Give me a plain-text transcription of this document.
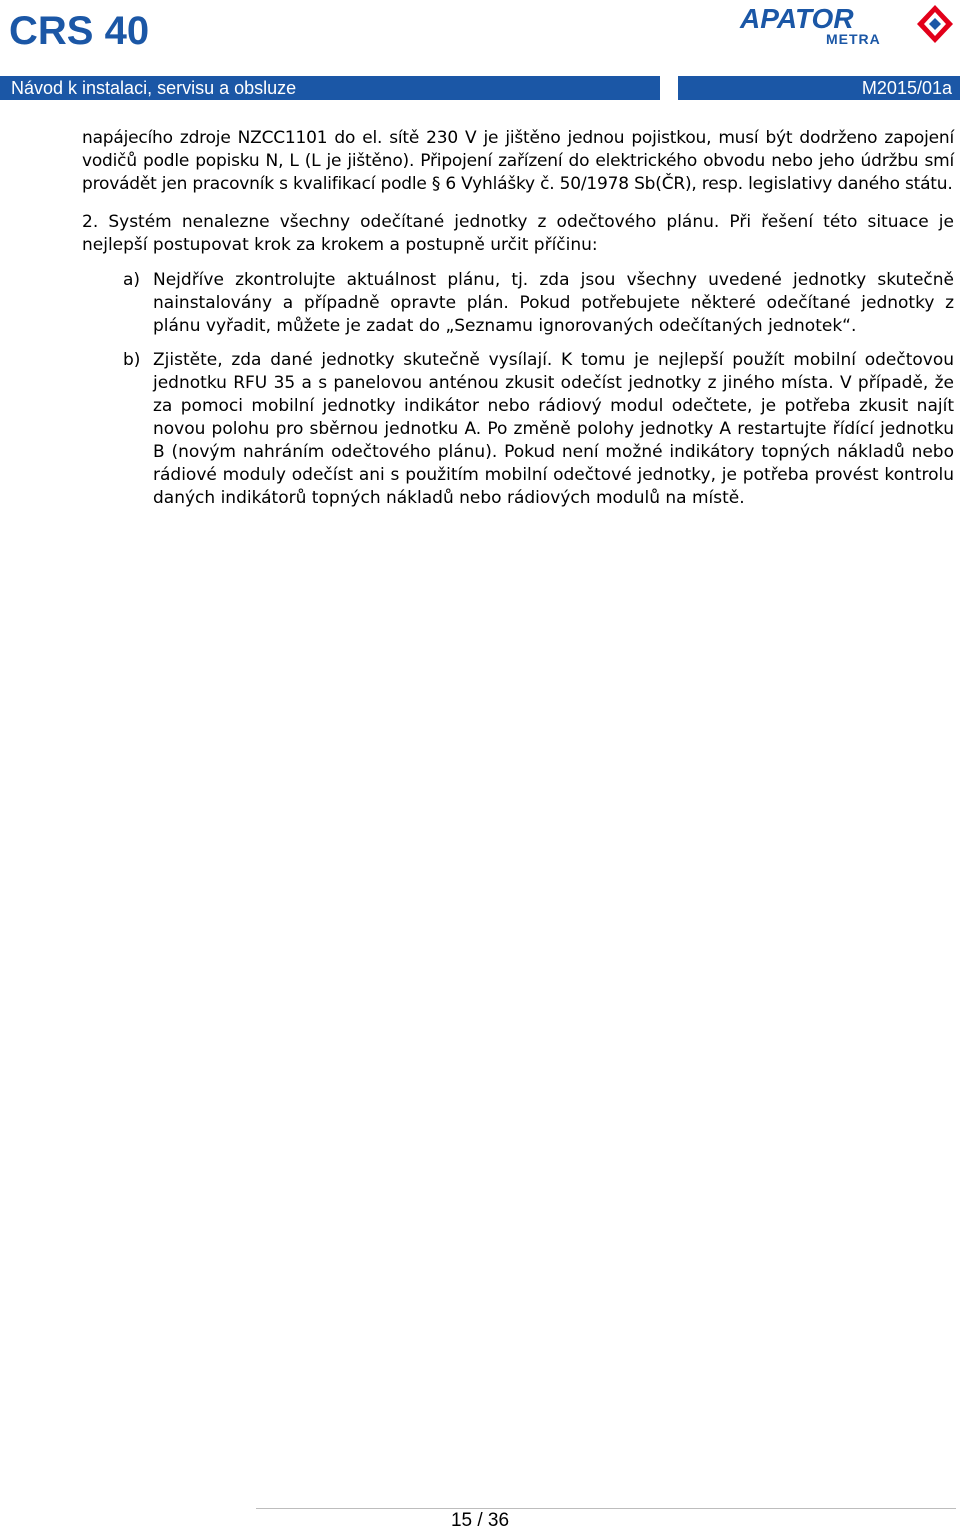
CRS 40	APATOR
METRA
Návod k instalaci, servisu a obsluze	M2015/01a

napájecího zdroje NZCC1101 do el. sítě 230 V je jištěno jednou pojistkou, musí být dodrženo zapojení vodičů podle popisku N, L (L je jištěno). Připojení zařízení do elektrického obvodu nebo jeho údržbu smí provádět jen pracovník s kvalifikací podle § 6 Vyhlášky č. 50/1978 Sb(ČR), resp. legislativy daného státu.

2. Systém nenalezne všechny odečítané jednotky z odečtového plánu. Při řešení této situace je nejlepší postupovat krok za krokem a postupně určit příčinu:

a) Nejdříve zkontrolujte aktuálnost plánu, tj. zda jsou všechny uvedené jednotky skutečně nainstalovány a případně opravte plán. Pokud potřebujete některé odečítané jednotky z plánu vyřadit, můžete je zadat do „Seznamu ignorovaných odečítaných jednotek“.
b) Zjistěte, zda dané jednotky skutečně vysílají. K tomu je nejlepší použít mobilní odečtovou jednotku RFU 35 a s panelovou anténou zkusit odečíst jednotky z jiného místa. V případě, že za pomoci mobilní jednotky indikátor nebo rádiový modul odečtete, je potřeba zkusit najít novou polohu pro sběrnou jednotku A. Po změně polohy jednotky A restartujte řídící jednotku B (novým nahráním odečtového plánu). Pokud není možné indikátory topných nákladů nebo rádiové moduly odečíst ani s použitím mobilní odečtové jednotky, je potřeba provést kontrolu daných indikátorů topných nákladů nebo rádiových modulů na místě.
15 / 36
